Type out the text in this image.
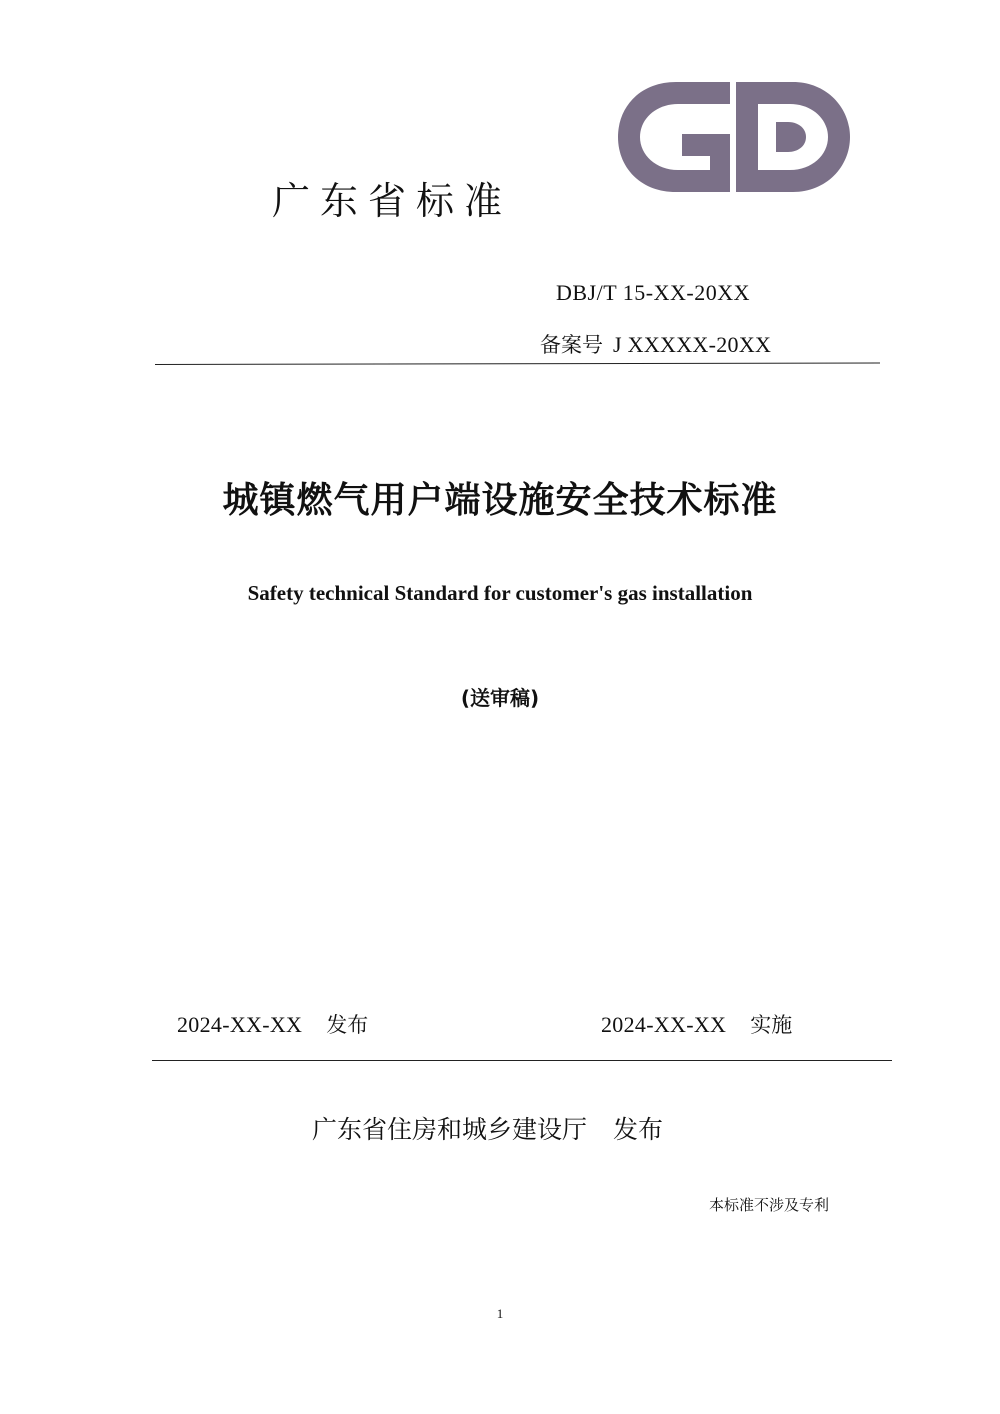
广东省标准
DBJ/T 15-XX-20XX
备案号 J XXXXX-20XX
城镇燃气用户端设施安全技术标准
Safety technical Standard for customer's gas installation
(送审稿)
2024-XX-XX 发布	2024-XX-XX 实施
广东省住房和城乡建设厅 发布
本标准不涉及专利
1
